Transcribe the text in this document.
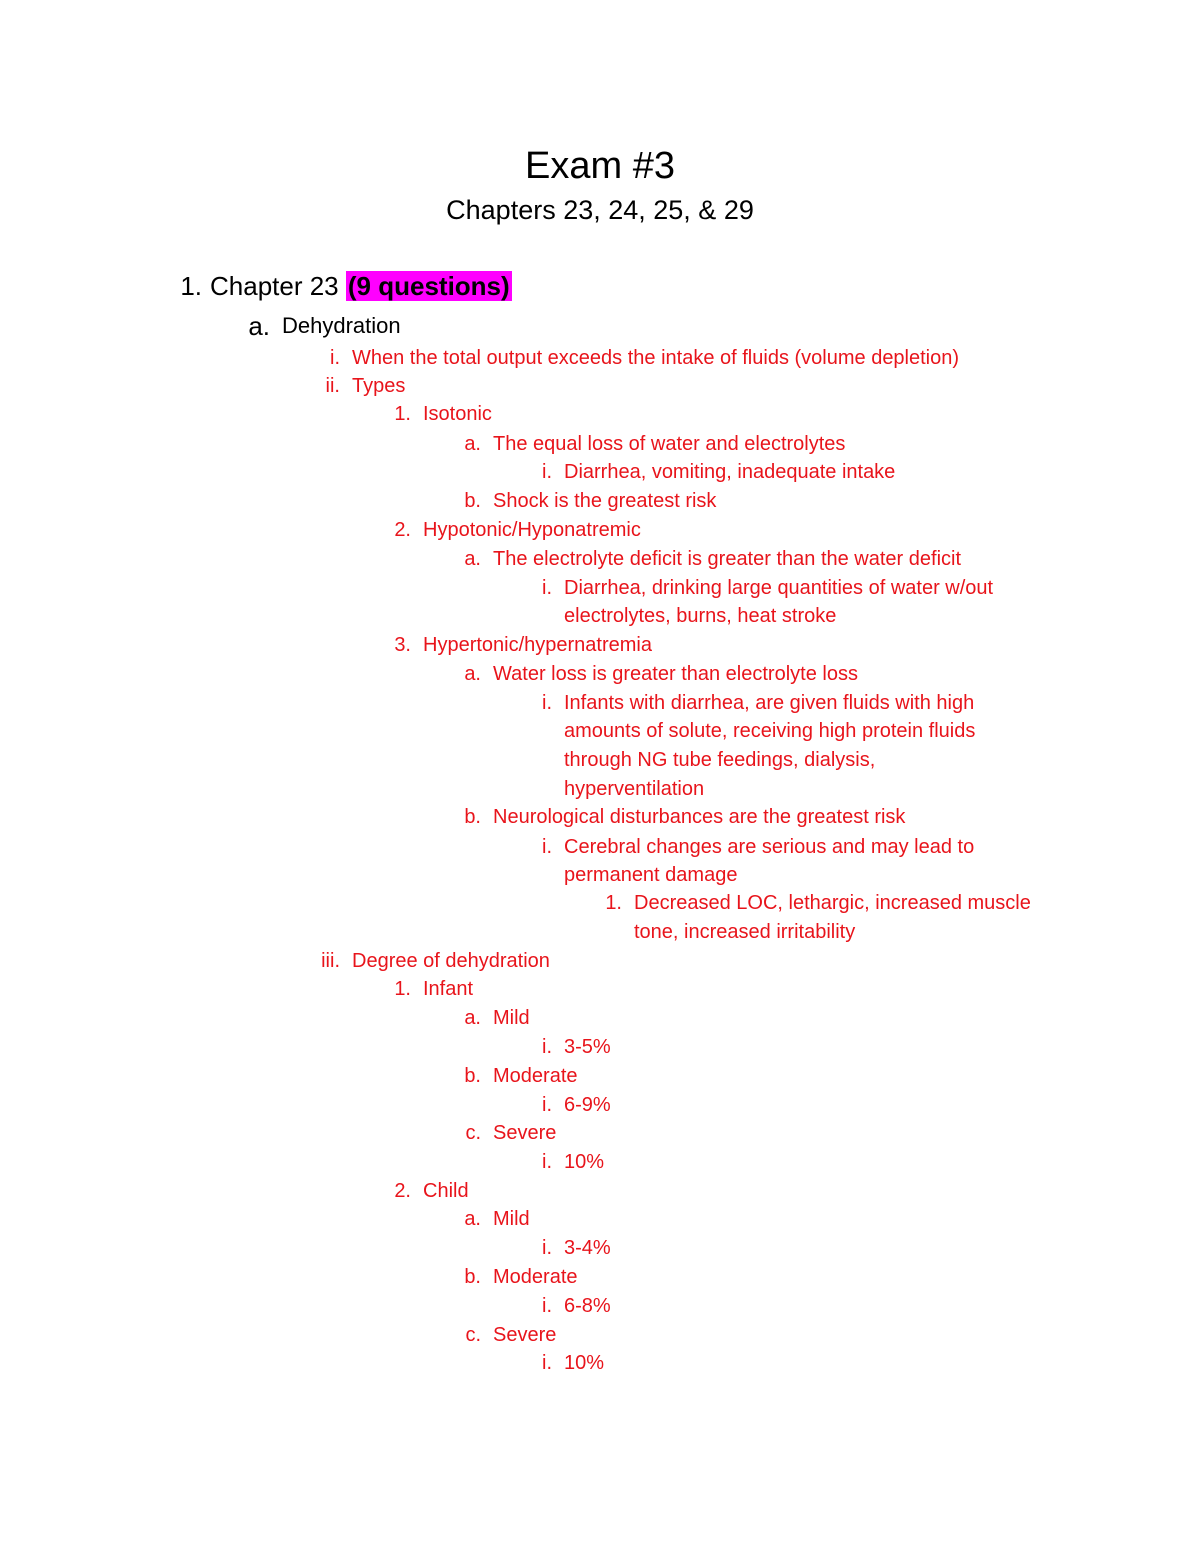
Exam #3
Chapters 23, 24, 25, & 29
1. Chapter 23 (9 questions)
a. Dehydration
i. When the total output exceeds the intake of fluids (volume depletion)
ii. Types
1. Isotonic
a. The equal loss of water and electrolytes
i. Diarrhea, vomiting, inadequate intake
b. Shock is the greatest risk
2. Hypotonic/Hyponatremic
a. The electrolyte deficit is greater than the water deficit
i. Diarrhea, drinking large quantities of water w/out
electrolytes, burns, heat stroke
3. Hypertonic/hypernatremia
a. Water loss is greater than electrolyte loss
i. Infants with diarrhea, are given fluids with high
amounts of solute, receiving high protein fluids
through NG tube feedings, dialysis,
hyperventilation
b. Neurological disturbances are the greatest risk
i. Cerebral changes are serious and may lead to
permanent damage
1. Decreased LOC, lethargic, increased muscle
tone, increased irritability
iii. Degree of dehydration
1. Infant
a. Mild
i. 3-5%
b. Moderate
i. 6-9%
c. Severe
i. 10%
2. Child
a. Mild
i. 3-4%
b. Moderate
i. 6-8%
c. Severe
i. 10%
